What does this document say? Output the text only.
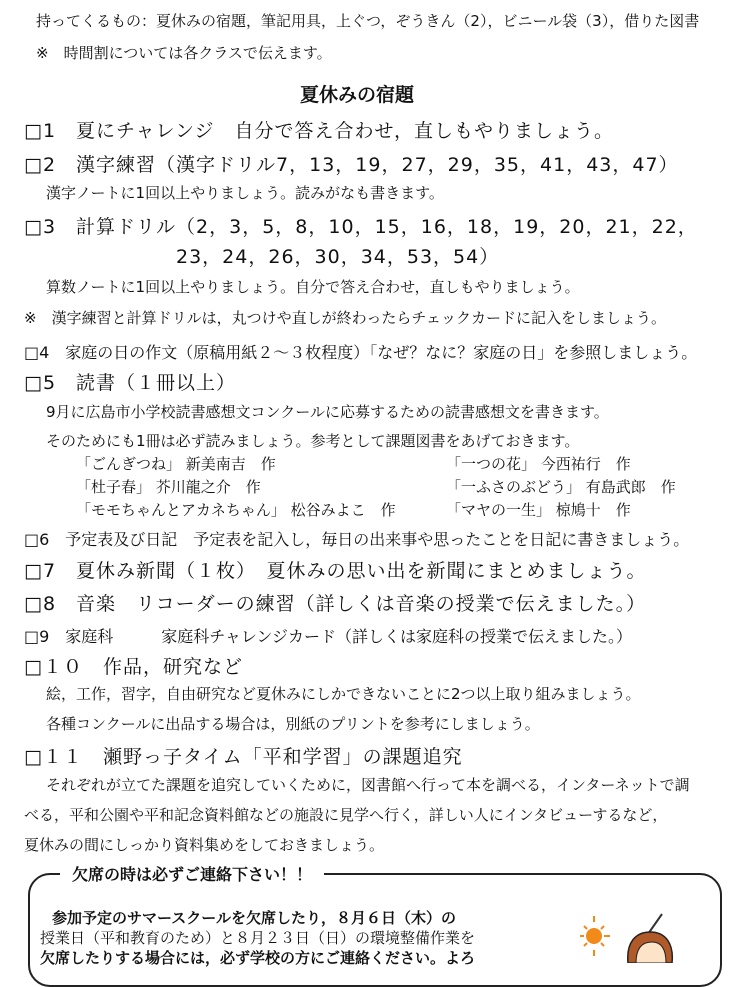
持ってくるもの：夏休みの宿題，筆記用具，上ぐつ，ぞうきん（2），ビニール袋（3），借りた図書
※　時間割については各クラスで伝えます。
夏休みの宿題
□1　夏にチャレンジ　自分で答え合わせ，直しもやりましょう。
□2　漢字練習（漢字ドリル7，13，19，27，29，35，41，43，47）
漢字ノートに1回以上やりましょう。読みがなも書きます。
□3　計算ドリル（2，3，5，8，10，15，16，18，19，20，21，22，
23，24，26，30，34，53，54）
算数ノートに1回以上やりましょう。自分で答え合わせ，直しもやりましょう。
※　漢字練習と計算ドリルは，丸つけや直しが終わったらチェックカードに記入をしましょう。
□4　家庭の日の作文（原稿用紙２～３枚程度）「なぜ？なに？家庭の日」を参照しましょう。
□5　読書（１冊以上）
9月に広島市小学校読書感想文コンクールに応募するための読書感想文を書きます。
そのためにも1冊は必ず読みましょう。参考として課題図書をあげておきます。
「ごんぎつね」 新美南吉　作	「一つの花」 今西祐行　作
「杜子春」 芥川龍之介　作	「一ふさのぶどう」 有島武郎　作
「モモちゃんとアカネちゃん」 松谷みよこ　作	「マヤの一生」 椋鳩十　作
□6　予定表及び日記　予定表を記入し，毎日の出来事や思ったことを日記に書きましょう。
□7　夏休み新聞（１枚）　夏休みの思い出を新聞にまとめましょう。
□8　音楽　リコーダーの練習（詳しくは音楽の授業で伝えました。）
□9　家庭科　　　家庭科チャレンジカード（詳しくは家庭科の授業で伝えました。）
□１０　作品，研究など
絵，工作，習字，自由研究など夏休みにしかできないことに2つ以上取り組みましょう。
各種コンクールに出品する場合は，別紙のプリントを参考にしましょう。
□１１　瀬野っ子タイム「平和学習」の課題追究
それぞれが立てた課題を追究していくために，図書館へ行って本を調べる，インターネットで調
べる，平和公園や平和記念資料館などの施設に見学へ行く，詳しい人にインタビューするなど，
夏休みの間にしっかり資料集めをしておきましょう。
欠席の時は必ずご連絡下さい！！
参加予定のサマースクールを欠席したり，８月６日（木）の
授業日（平和教育のため）と８月２３日（日）の環境整備作業を
欠席したりする場合には，必ず学校の方にご連絡ください。よろ
